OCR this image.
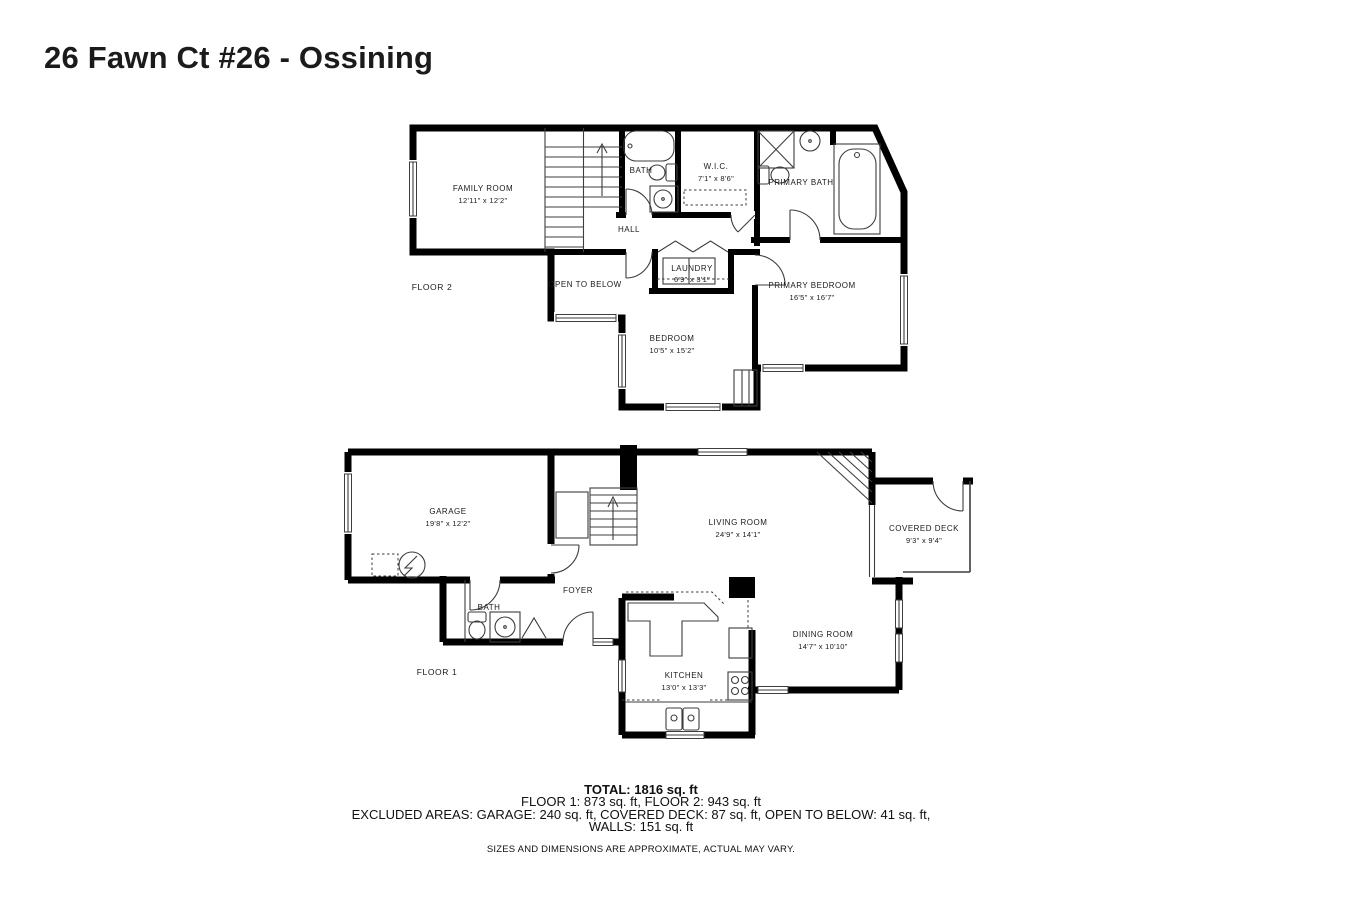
26 Fawn Ct #26 - Ossining
FAMILY ROOM
12'11" x 12'2"
BATH	W.I.C.
7'1" x 8'6"	PRIMARY BATH
HALL
LAUNDRY
6'9" x 3'1"
OPEN TO BELOW
FLOOR 2
BEDROOM
10'5" x 15'2"
PRIMARY BEDROOM
16'5" x 16'7"
GARAGE
19'8" x 12'2"	LIVING ROOM
24'9" x 14'1"
COVERED DECK
9'3" x 9'4"
FOYER
BATH
FLOOR 1	KITCHEN
13'0" x 13'3"
DINING ROOM
14'7" x 10'10"
TOTAL: 1816 sq. ft
FLOOR 1: 873 sq. ft, FLOOR 2: 943 sq. ft
EXCLUDED AREAS: GARAGE: 240 sq. ft, COVERED DECK: 87 sq. ft, OPEN TO BELOW: 41 sq. ft,
WALLS: 151 sq. ft
SIZES AND DIMENSIONS ARE APPROXIMATE, ACTUAL MAY VARY.
